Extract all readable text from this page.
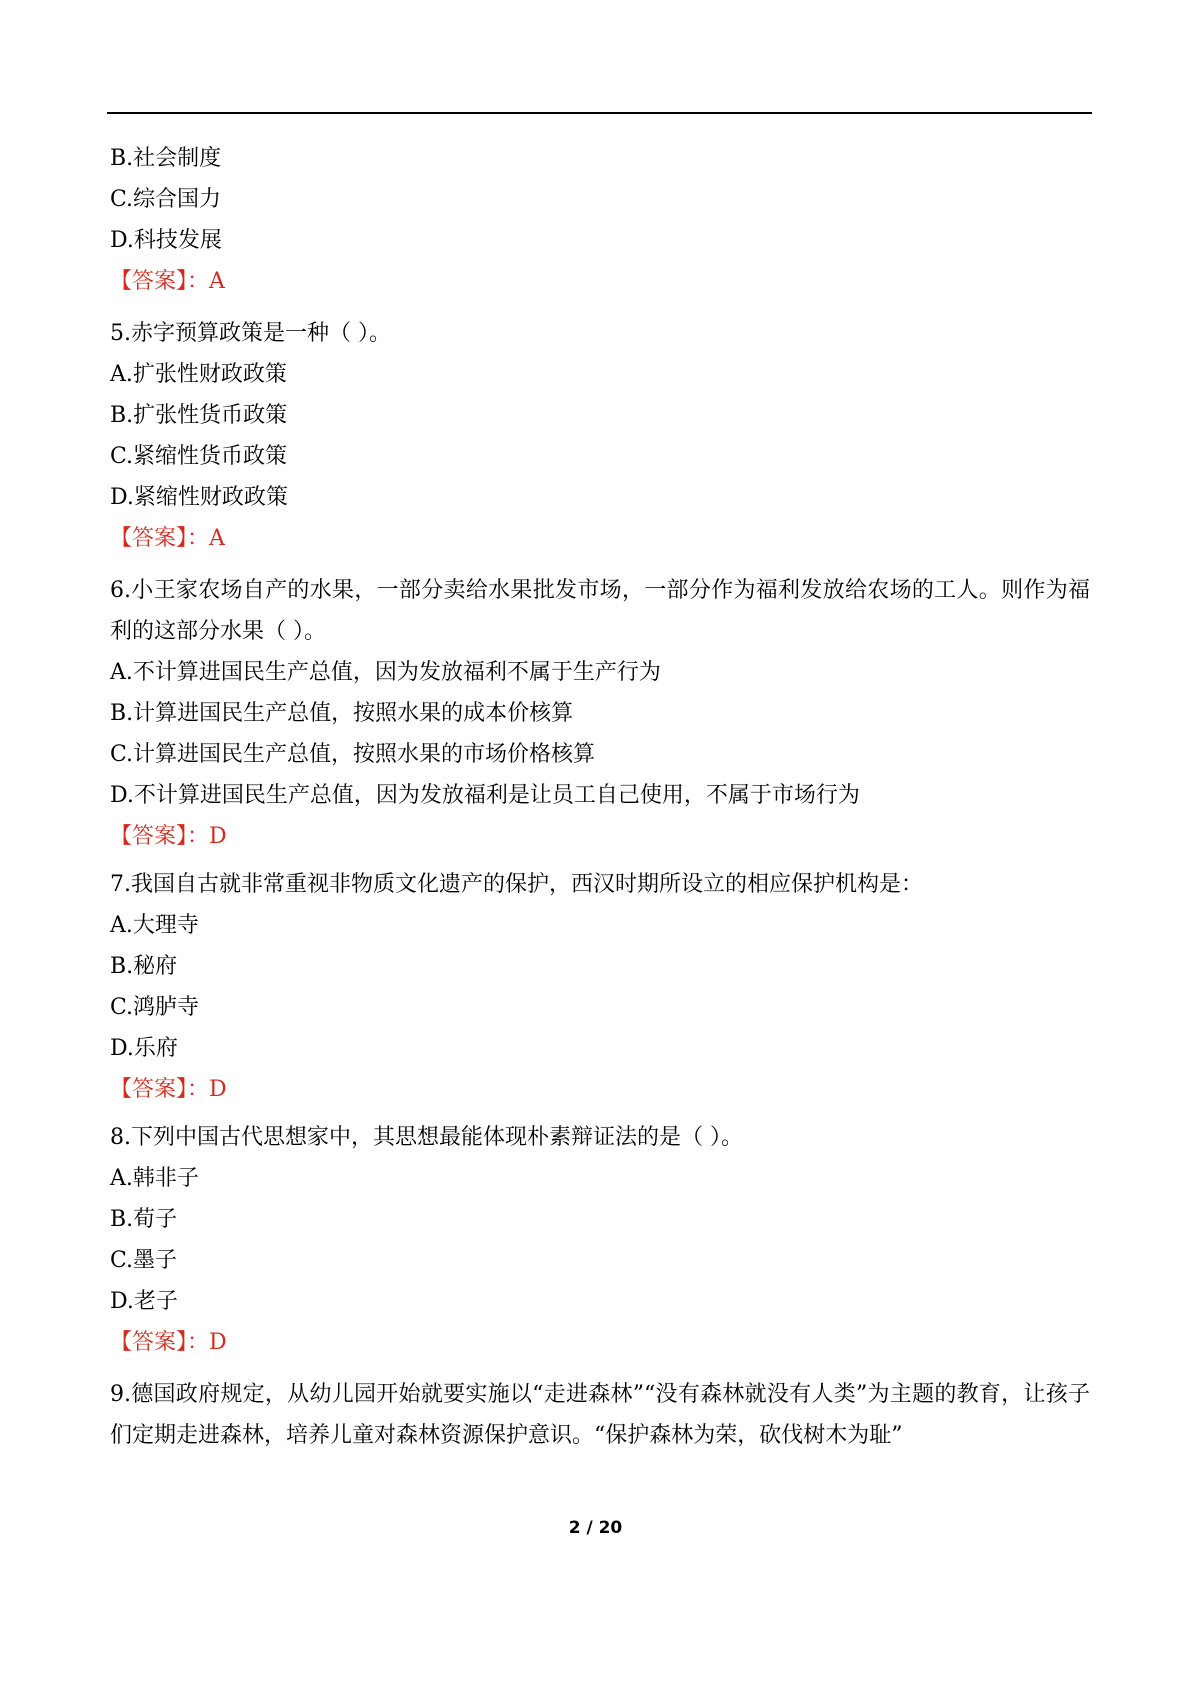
B.社会制度
C.综合国力
D.科技发展
【答案】：A
5.赤字预算政策是一种（ ）。
A.扩张性财政政策
B.扩张性货币政策
C.紧缩性货币政策
D.紧缩性财政政策
【答案】：A
6.小王家农场自产的水果，一部分卖给水果批发市场，一部分作为福利发放给农场的工人。则作为福利的这部分水果（ ）。
A.不计算进国民生产总值，因为发放福利不属于生产行为
B.计算进国民生产总值，按照水果的成本价核算
C.计算进国民生产总值，按照水果的市场价格核算
D.不计算进国民生产总值，因为发放福利是让员工自己使用，不属于市场行为
【答案】：D
7.我国自古就非常重视非物质文化遗产的保护，西汉时期所设立的相应保护机构是：
A.大理寺
B.秘府
C.鸿胪寺
D.乐府
【答案】：D
8.下列中国古代思想家中，其思想最能体现朴素辩证法的是（ ）。
A.韩非子
B.荀子
C.墨子
D.老子
【答案】：D
9.德国政府规定，从幼儿园开始就要实施以“走进森林”“没有森林就没有人类”为主题的教育，让孩子们定期走进森林，培养儿童对森林资源保护意识。“保护森林为荣，砍伐树木为耻”
2 / 20
